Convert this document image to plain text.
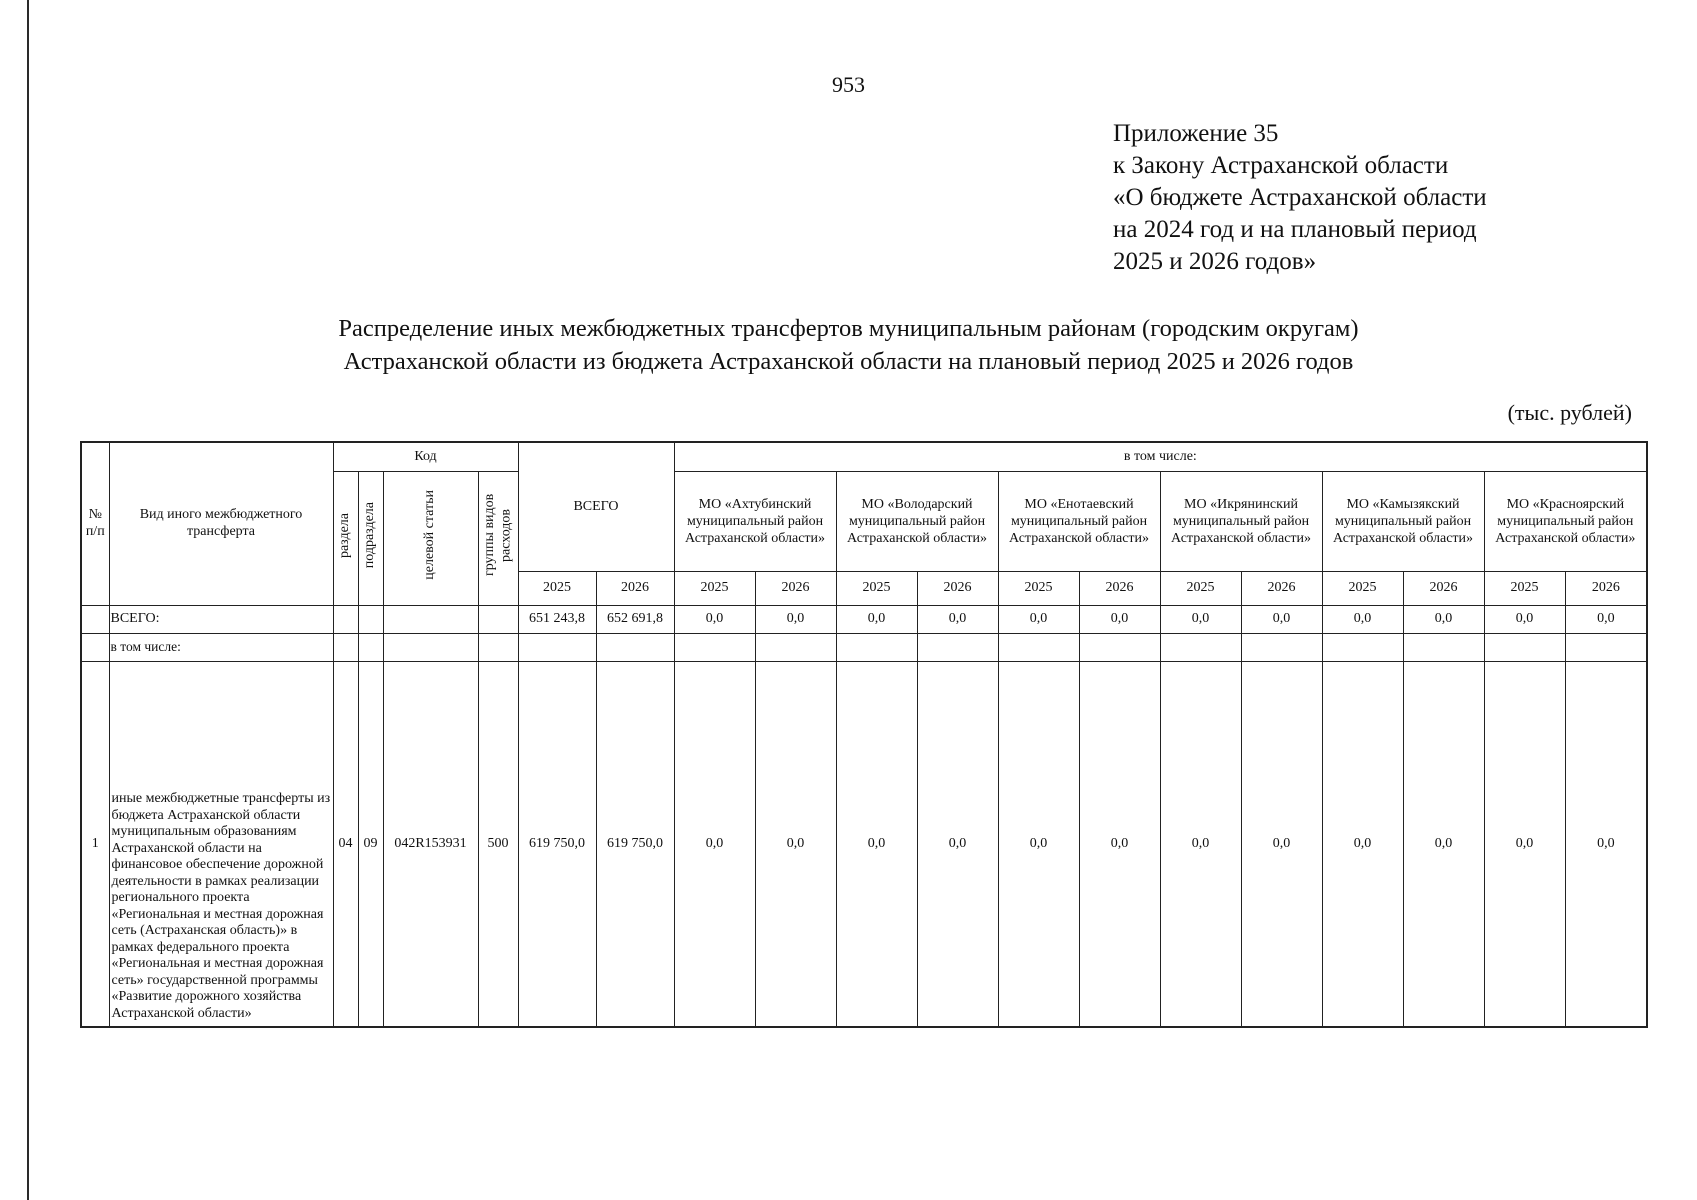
953
Приложение 35
к Закону Астраханской области
«О бюджете Астраханской области
на 2024 год и на плановый период
2025 и 2026 годов»
Распределение иных межбюджетных трансфертов муниципальным районам (городским округам)
Астраханской области из бюджета Астраханской области на плановый период 2025 и 2026 годов
(тыс. рублей)
№ п/п	Вид иного межбюджетного трансферта	Код				ВСЕГО		в том числе:											
		раздела	подраздела	целевой статьи	группы видов расходов			МО «Ахтубинский муниципальный район Астраханской области»		МО «Володарский муниципальный район Астраханской области»		МО «Енотаевский муниципальный район Астраханской области»		МО «Икрянинский муниципальный район Астраханской области»		МО «Камызякский муниципальный район Астраханской области»		МО «Красноярский муниципальный район Астраханской области»	
						2025	2026	2025	2026	2025	2026	2025	2026	2025	2026	2025	2026	2025	2026
	ВСЕГО:					651 243,8	652 691,8	0,0	0,0	0,0	0,0	0,0	0,0	0,0	0,0	0,0	0,0	0,0	0,0
	в том числе:																		
1	иные межбюджетные трансферты из бюджета Астраханской области муниципальным образованиям Астраханской области на финансовое обеспечение дорожной деятельности в рамках реализации регионального проекта «Региональная и местная дорожная сеть (Астраханская область)» в рамках федерального проекта «Региональная и местная дорожная сеть» государственной программы «Развитие дорожного хозяйства Астраханской области»	04	09	042R153931	500	619 750,0	619 750,0	0,0	0,0	0,0	0,0	0,0	0,0	0,0	0,0	0,0	0,0	0,0	0,0
